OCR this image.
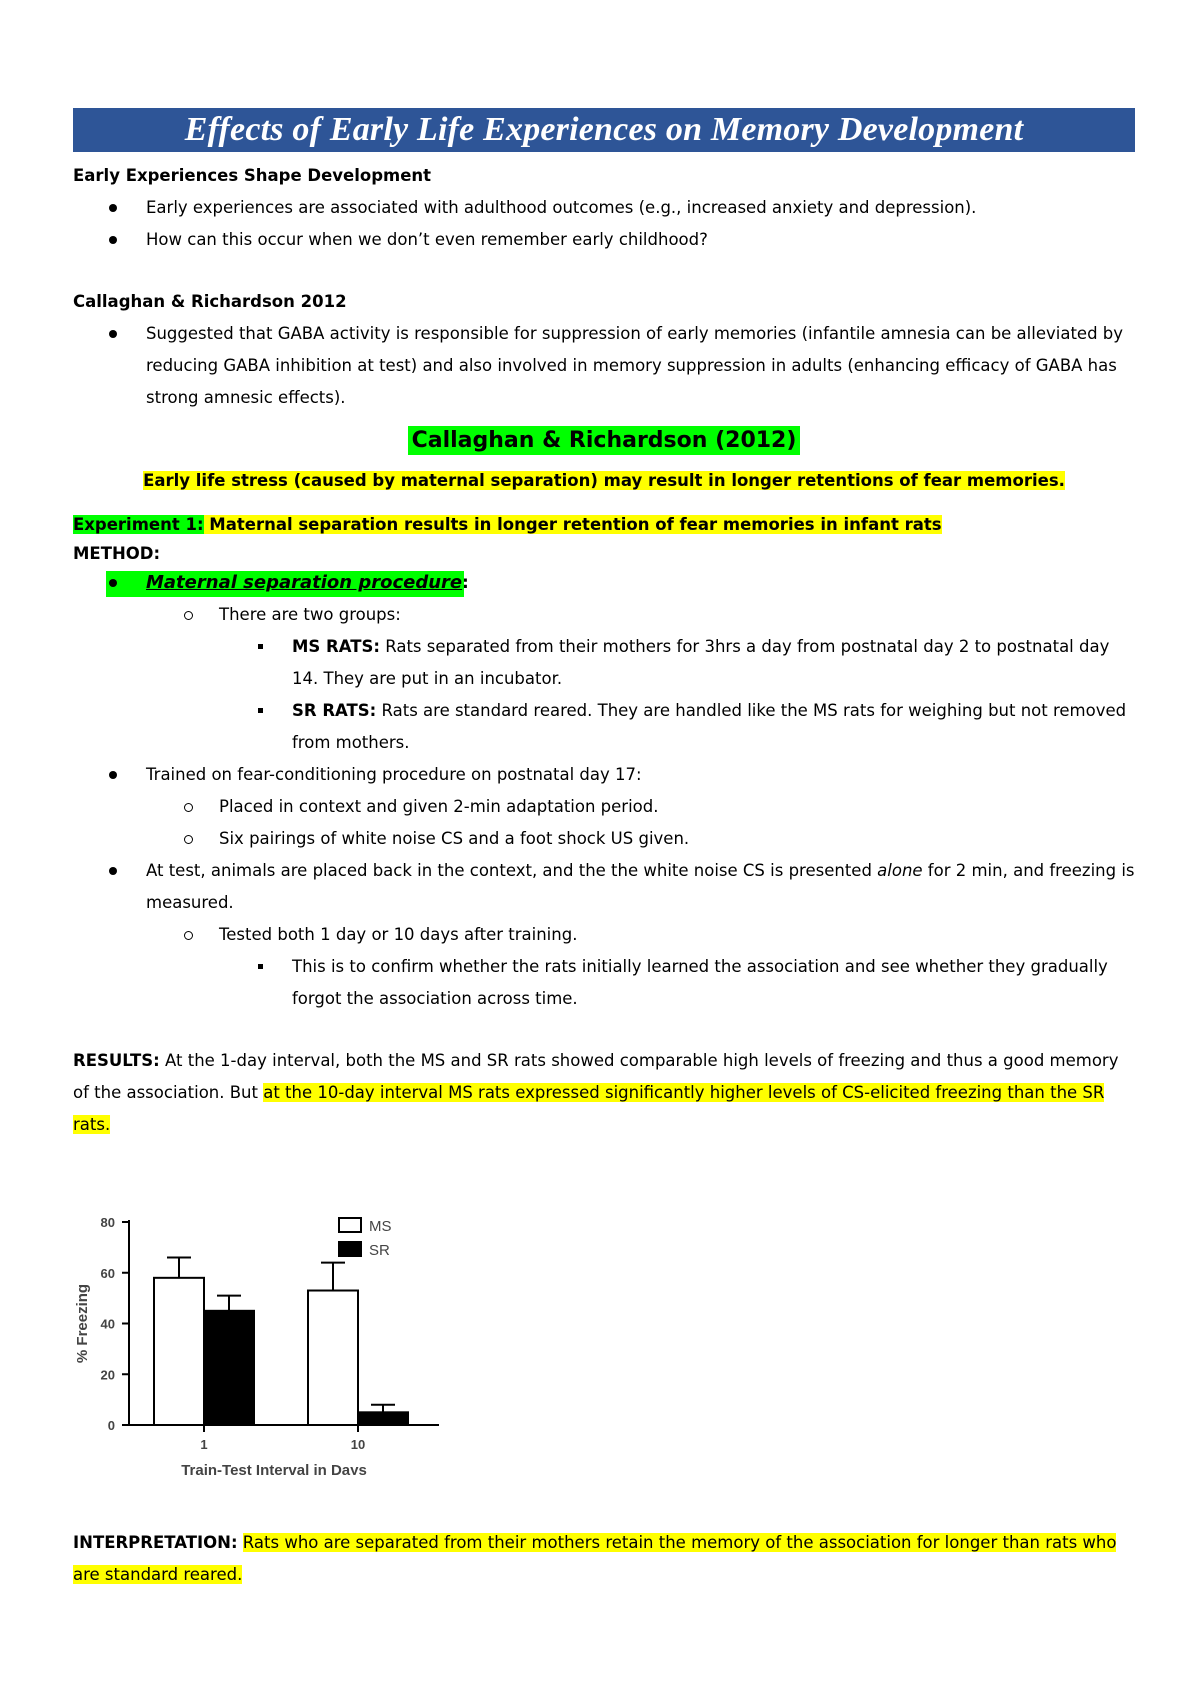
Effects of Early Life Experiences on Memory Development
Early Experiences Shape Development
Early experiences are associated with adulthood outcomes (e.g., increased anxiety and depression).
How can this occur when we don’t even remember early childhood?
Callaghan & Richardson 2012
Suggested that GABA activity is responsible for suppression of early memories (infantile amnesia can be alleviated by reducing GABA inhibition at test) and also involved in memory suppression in adults (enhancing efficacy of GABA has strong amnesic effects).
Callaghan & Richardson (2012)
Early life stress (caused by maternal separation) may result in longer retentions of fear memories.
Experiment 1: Maternal separation results in longer retention of fear memories in infant rats
METHOD:
Maternal separation procedure:
There are two groups:
MS RATS: Rats separated from their mothers for 3hrs a day from postnatal day 2 to postnatal day 14. They are put in an incubator.
SR RATS: Rats are standard reared. They are handled like the MS rats for weighing but not removed from mothers.
Trained on fear-conditioning procedure on postnatal day 17:
Placed in context and given 2-min adaptation period.
Six pairings of white noise CS and a foot shock US given.
At test, animals are placed back in the context, and the the white noise CS is presented alone for 2 min, and freezing is measured.
Tested both 1 day or 10 days after training.
This is to confirm whether the rats initially learned the association and see whether they gradually forgot the association across time.
RESULTS: At the 1-day interval, both the MS and SR rats showed comparable high levels of freezing and thus a good memory of the association. But at the 10-day interval MS rats expressed significantly higher levels of CS-elicited freezing than the SR rats.
0
20
40
60
80
% Freezing
1	10
Train-Test Interval in Days
MS
SR
INTERPRETATION: Rats who are separated from their mothers retain the memory of the association for longer than rats who are standard reared.
